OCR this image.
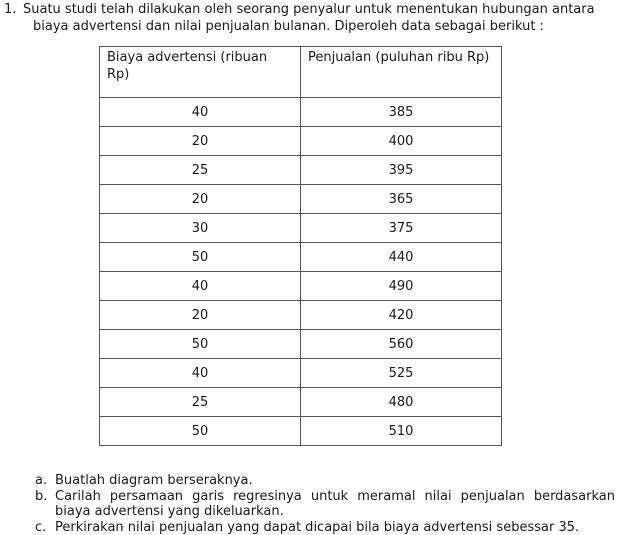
1. Suatu studi telah dilakukan oleh seorang penyalur untuk menentukan hubungan antara biaya advertensi dan nilai penjualan bulanan. Diperoleh data sebagai berikut :
Biaya advertensi (ribuan Rp)	Penjualan (puluhan ribu Rp)
40	385
20	400
25	395
20	365
30	375
50	440
40	490
20	420
50	560
40	525
25	480
50	510
a. Buatlah diagram berseraknya.
b. Carilah persamaan garis regresinya untuk meramal nilai penjualan berdasarkan biaya advertensi yang dikeluarkan.
c. Perkirakan nilai penjualan yang dapat dicapai bila biaya advertensi sebessar 35.
